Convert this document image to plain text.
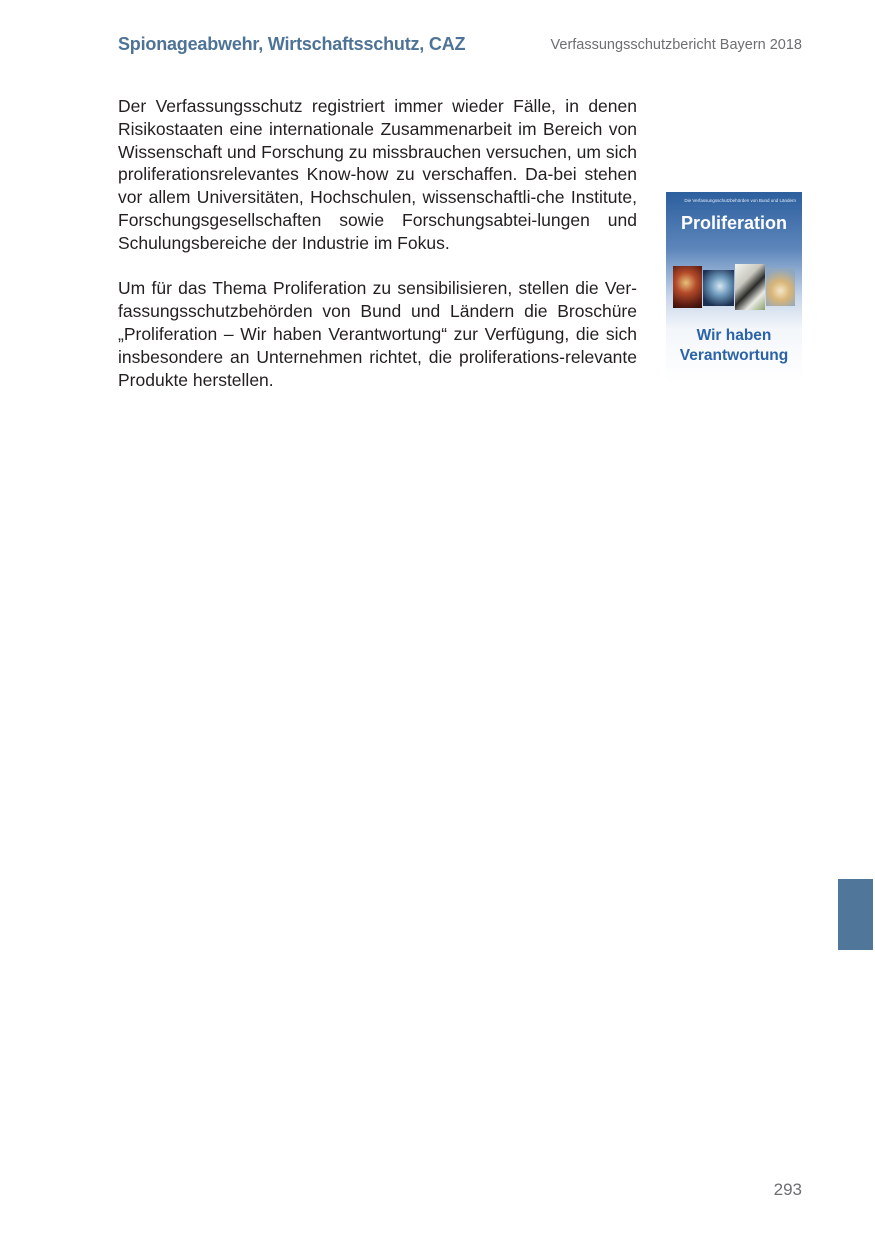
Spionageabwehr, Wirtschaftsschutz, CAZ	Verfassungsschutzbericht Bayern 2018

Der Verfassungsschutz registriert immer wieder Fälle, in denen Risikostaaten eine internationale Zusammenarbeit im Bereich von Wissenschaft und Forschung zu missbrauchen versuchen, um sich proliferationsrelevantes Know-how zu verschaffen. Da-bei stehen vor allem Universitäten, Hochschulen, wissenschaftli-che Institute, Forschungsgesellschaften sowie Forschungsabtei-lungen und Schulungsbereiche der Industrie im Fokus.

Um für das Thema Proliferation zu sensibilisieren, stellen die Ver-fassungsschutzbehörden von Bund und Ländern die Broschüre „Proliferation – Wir haben Verantwortung“ zur Verfügung, die sich insbesondere an Unternehmen richtet, die proliferations-relevante Produkte herstellen.

Die Verfassungsschutzbehörden von Bund und Ländern
Proliferation
Wir haben
Verantwortung
293
